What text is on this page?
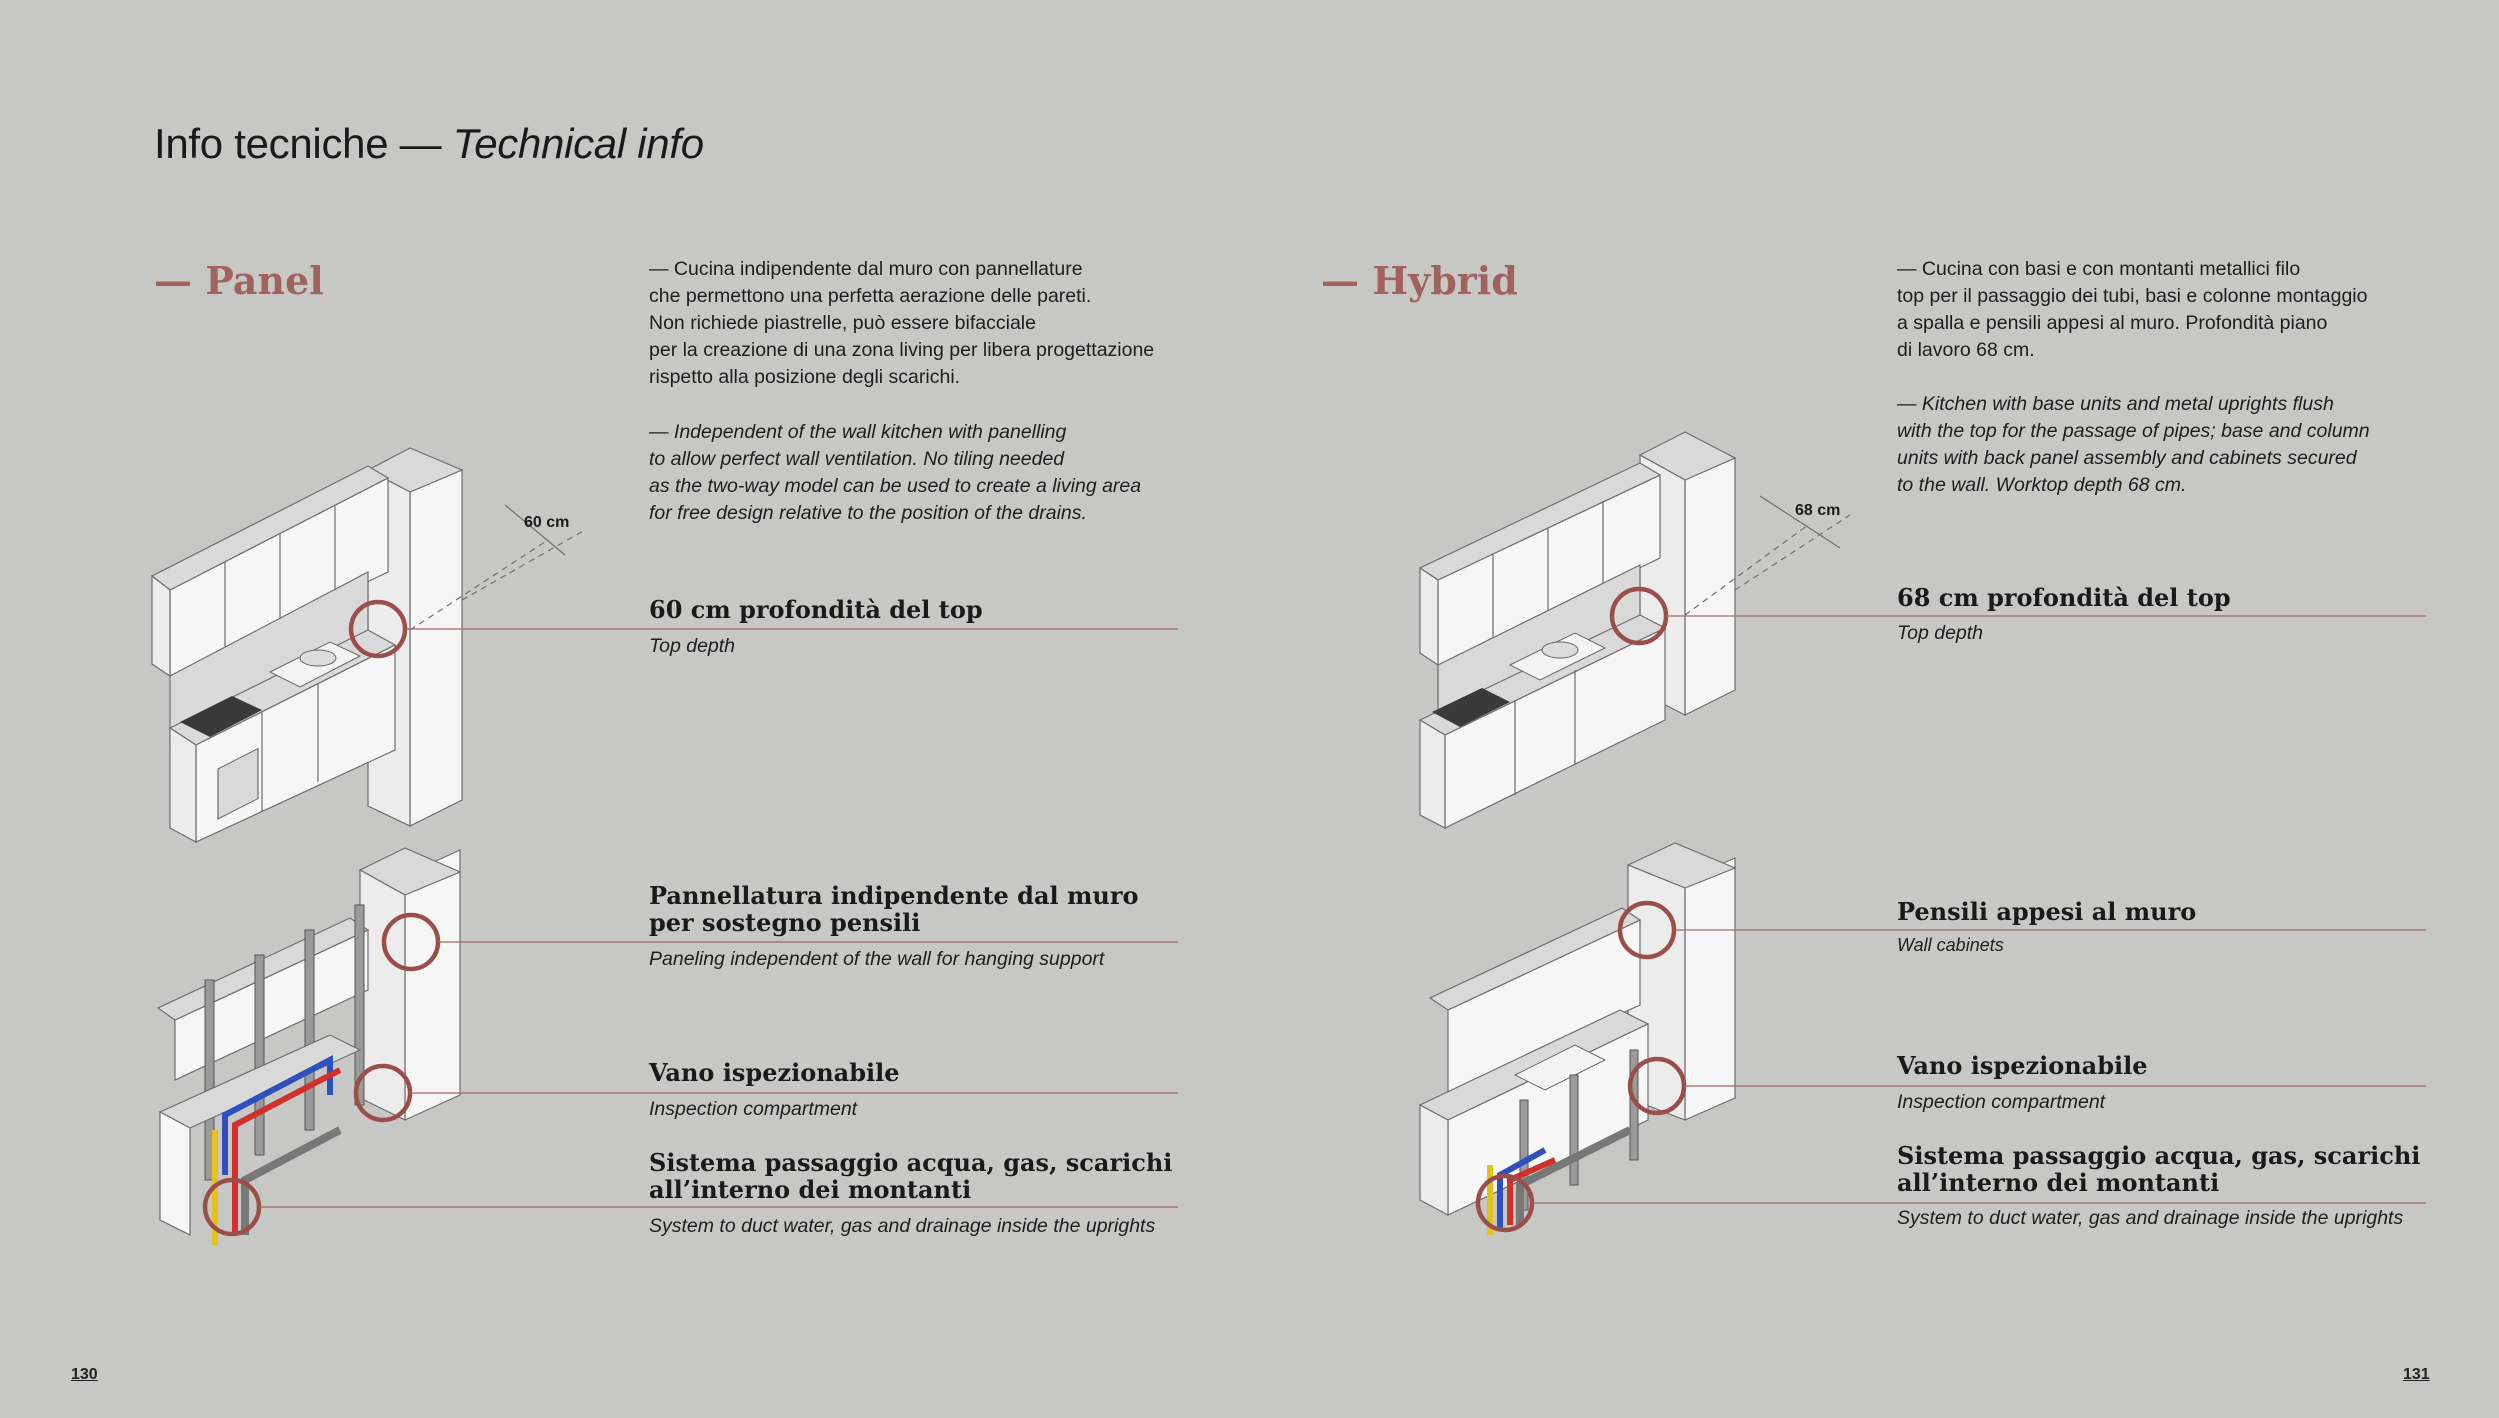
Info tecniche — Technical info
— Panel	— Cucina indipendente dal muro con pannellature
che permettono una perfetta aerazione delle pareti.
Non richiede piastrelle, può essere bifacciale
per la creazione di una zona living per libera progettazione
rispetto alla posizione degli scarichi.
— Independent of the wall kitchen with panelling
to allow perfect wall ventilation. No tiling needed
as the two-way model can be used to create a living area
for free design relative to the position of the drains.
60 cm
60 cm profondità del top
Top depth
Pannellatura indipendente dal muro
per sostegno pensili
Paneling independent of the wall for hanging support
Vano ispezionabile
Inspection compartment
Sistema passaggio acqua, gas, scarichi
all’interno dei montanti
System to duct water, gas and drainage inside the uprights
— Hybrid	— Cucina con basi e con montanti metallici filo
top per il passaggio dei tubi, basi e colonne montaggio
a spalla e pensili appesi al muro. Profondità piano
di lavoro 68 cm.
— Kitchen with base units and metal uprights flush
with the top for the passage of pipes; base and column
units with back panel assembly and cabinets secured
to the wall. Worktop depth 68 cm.
68 cm
68 cm profondità del top
Top depth
Pensili appesi al muro
Wall cabinets
Vano ispezionabile
Inspection compartment
Sistema passaggio acqua, gas, scarichi
all’interno dei montanti
System to duct water, gas and drainage inside the uprights
130	131
